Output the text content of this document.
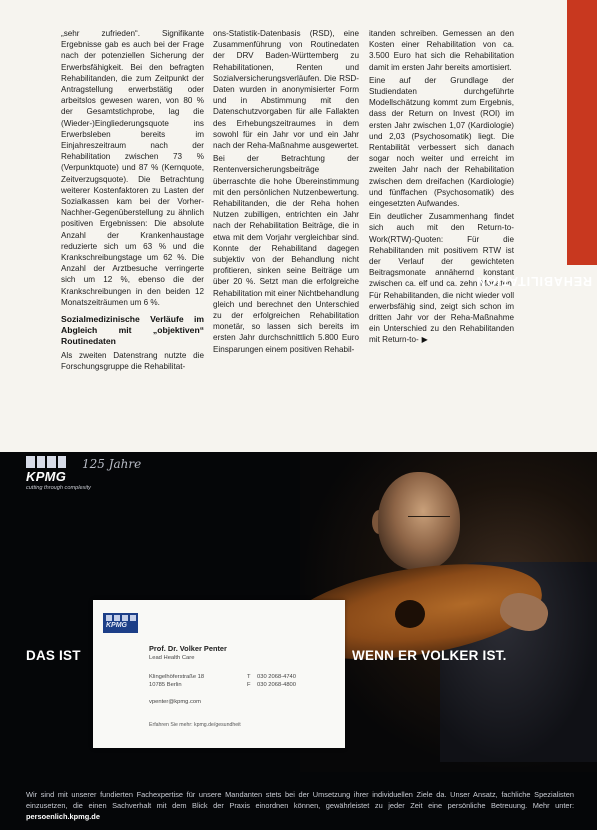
„sehr zufrieden“. Signifikante Ergebnisse gab es auch bei der Frage nach der potenziellen Sicherung der Erwerbsfähigkeit. Bei den befragten Rehabilitanden, die zum Zeitpunkt der Antragstellung erwerbstätig oder arbeitslos gewesen waren, von 80 % der Gesamtstichprobe, lag die (Wieder-)Eingliederungsquote ins Erwerbsleben bereits im Einjahreszeitraum nach der Rehabilitation zwischen 73 % (Verpunktquote) und 87 % (Kernquote, Zeitverzugsquote). Die Betrachtung weiterer Kostenfaktoren zu Lasten der Sozialkassen kam bei der Vorher-Nachher-Gegenüberstellung zu ähnlich positiven Ergebnissen: Die absolute Anzahl der Krankenhaustage reduzierte sich um 63 % und die Krankschreibungstage um 62 %. Die Anzahl der Arztbesuche verringerte sich um 12 %, ebenso die der Krankschreibungen in den beiden 12 Monatszeiträumen um 6 %.

Sozialmedizinische Verläufe im Abgleich mit „objektiven“ Routinedaten

Als zweiten Datenstrang nutzte die Forschungsgruppe die Rehabilitat-

ons-Statistik-Datenbasis (RSD), eine Zusammenführung von Routinedaten der DRV Baden-Württemberg zu Rehabilitationen, Renten und Sozialversicherungsverläufen. Die RSD-Daten wurden in anonymisierter Form und in Abstimmung mit den Datenschutzvorgaben für alle Fallakten des Erhebungszeitraumes in dem sowohl für ein Jahr vor und ein Jahr nach der Reha-Maßnahme ausgewertet.

Bei der Betrachtung der Rentenversicherungsbeiträge überraschte die hohe Übereinstimmung mit den persönlichen Nutzenbewertung. Rehabilitanden, die der Reha hohen Nutzen zubilligen, entrichten ein Jahr nach der Rehabilitation Beiträge, die in etwa mit dem Vorjahr vergleichbar sind. Konnte der Rehabilitand dagegen subjektiv von der Behandlung nicht profitieren, sinken seine Beiträge um über 20 %. Setzt man die erfolgreiche Rehabilitation mit einer Nichtbehandlung gleich und berechnet den Unterschied zu der erfolgreichen Rehabilitation monetär, so lassen sich bereits im ersten Jahr durchschnittlich 5.800 Euro Einsparungen einem positiven Rehabil-

itanden schreiben. Gemessen an den Kosten einer Rehabilitation von ca. 3.500 Euro hat sich die Rehabilitation damit im ersten Jahr bereits amortisiert.

Eine auf der Grundlage der Studiendaten durchgeführte Modellschätzung kommt zum Ergebnis, dass der Return on Invest (ROI) im ersten Jahr zwischen 1,07 (Kardiologie) und 2,03 (Psychosomatik) liegt. Die Rentabilität verbessert sich danach sogar noch weiter und erreicht im zweiten Jahr nach der Rehabilitation zwischen dem dreifachen (Kardiologie) und fünffachen (Psychosomatik) des eingesetzten Aufwandes.

Ein deutlicher Zusammenhang findet sich auch mit den Return-to-Work(RTW)-Quoten: Für die Rehabilitanden mit positivem RTW ist der Verlauf der gewichteten Beitragsmonate annähernd konstant zwischen ca. elf und ca. zehn Monaten. Für Rehabilitanden, die nicht wieder voll erwerbsfähig sind, zeigt sich schon im dritten Jahr vor der Reha-Maßnahme ein Unterschied zu den Rehabilitanden mit Return-to- ▶

REHABILITATION
KPMG
cutting through complexity
125 Jahre
DAS IST	WENN ER VOLKER IST.
KPMG
Prof. Dr. Volker Penter
Lead Health Care
Klingelhöferstraße 18
10785 Berlin
T
F
030 2068-4740
030 2068-4800
vpenter@kpmg.com
Erfahren Sie mehr: kpmg.de/gesundheit
Wir sind mit unserer fundierten Fachexpertise für unsere Mandanten stets bei der Umsetzung ihrer individuellen Ziele da. Unser Ansatz, fachliche Spezialisten einzusetzen, die einen Sachverhalt mit dem Blick der Praxis einordnen können, gewährleistet zu jeder Zeit eine persönliche Betreuung. Mehr unter: persoenlich.kpmg.de
